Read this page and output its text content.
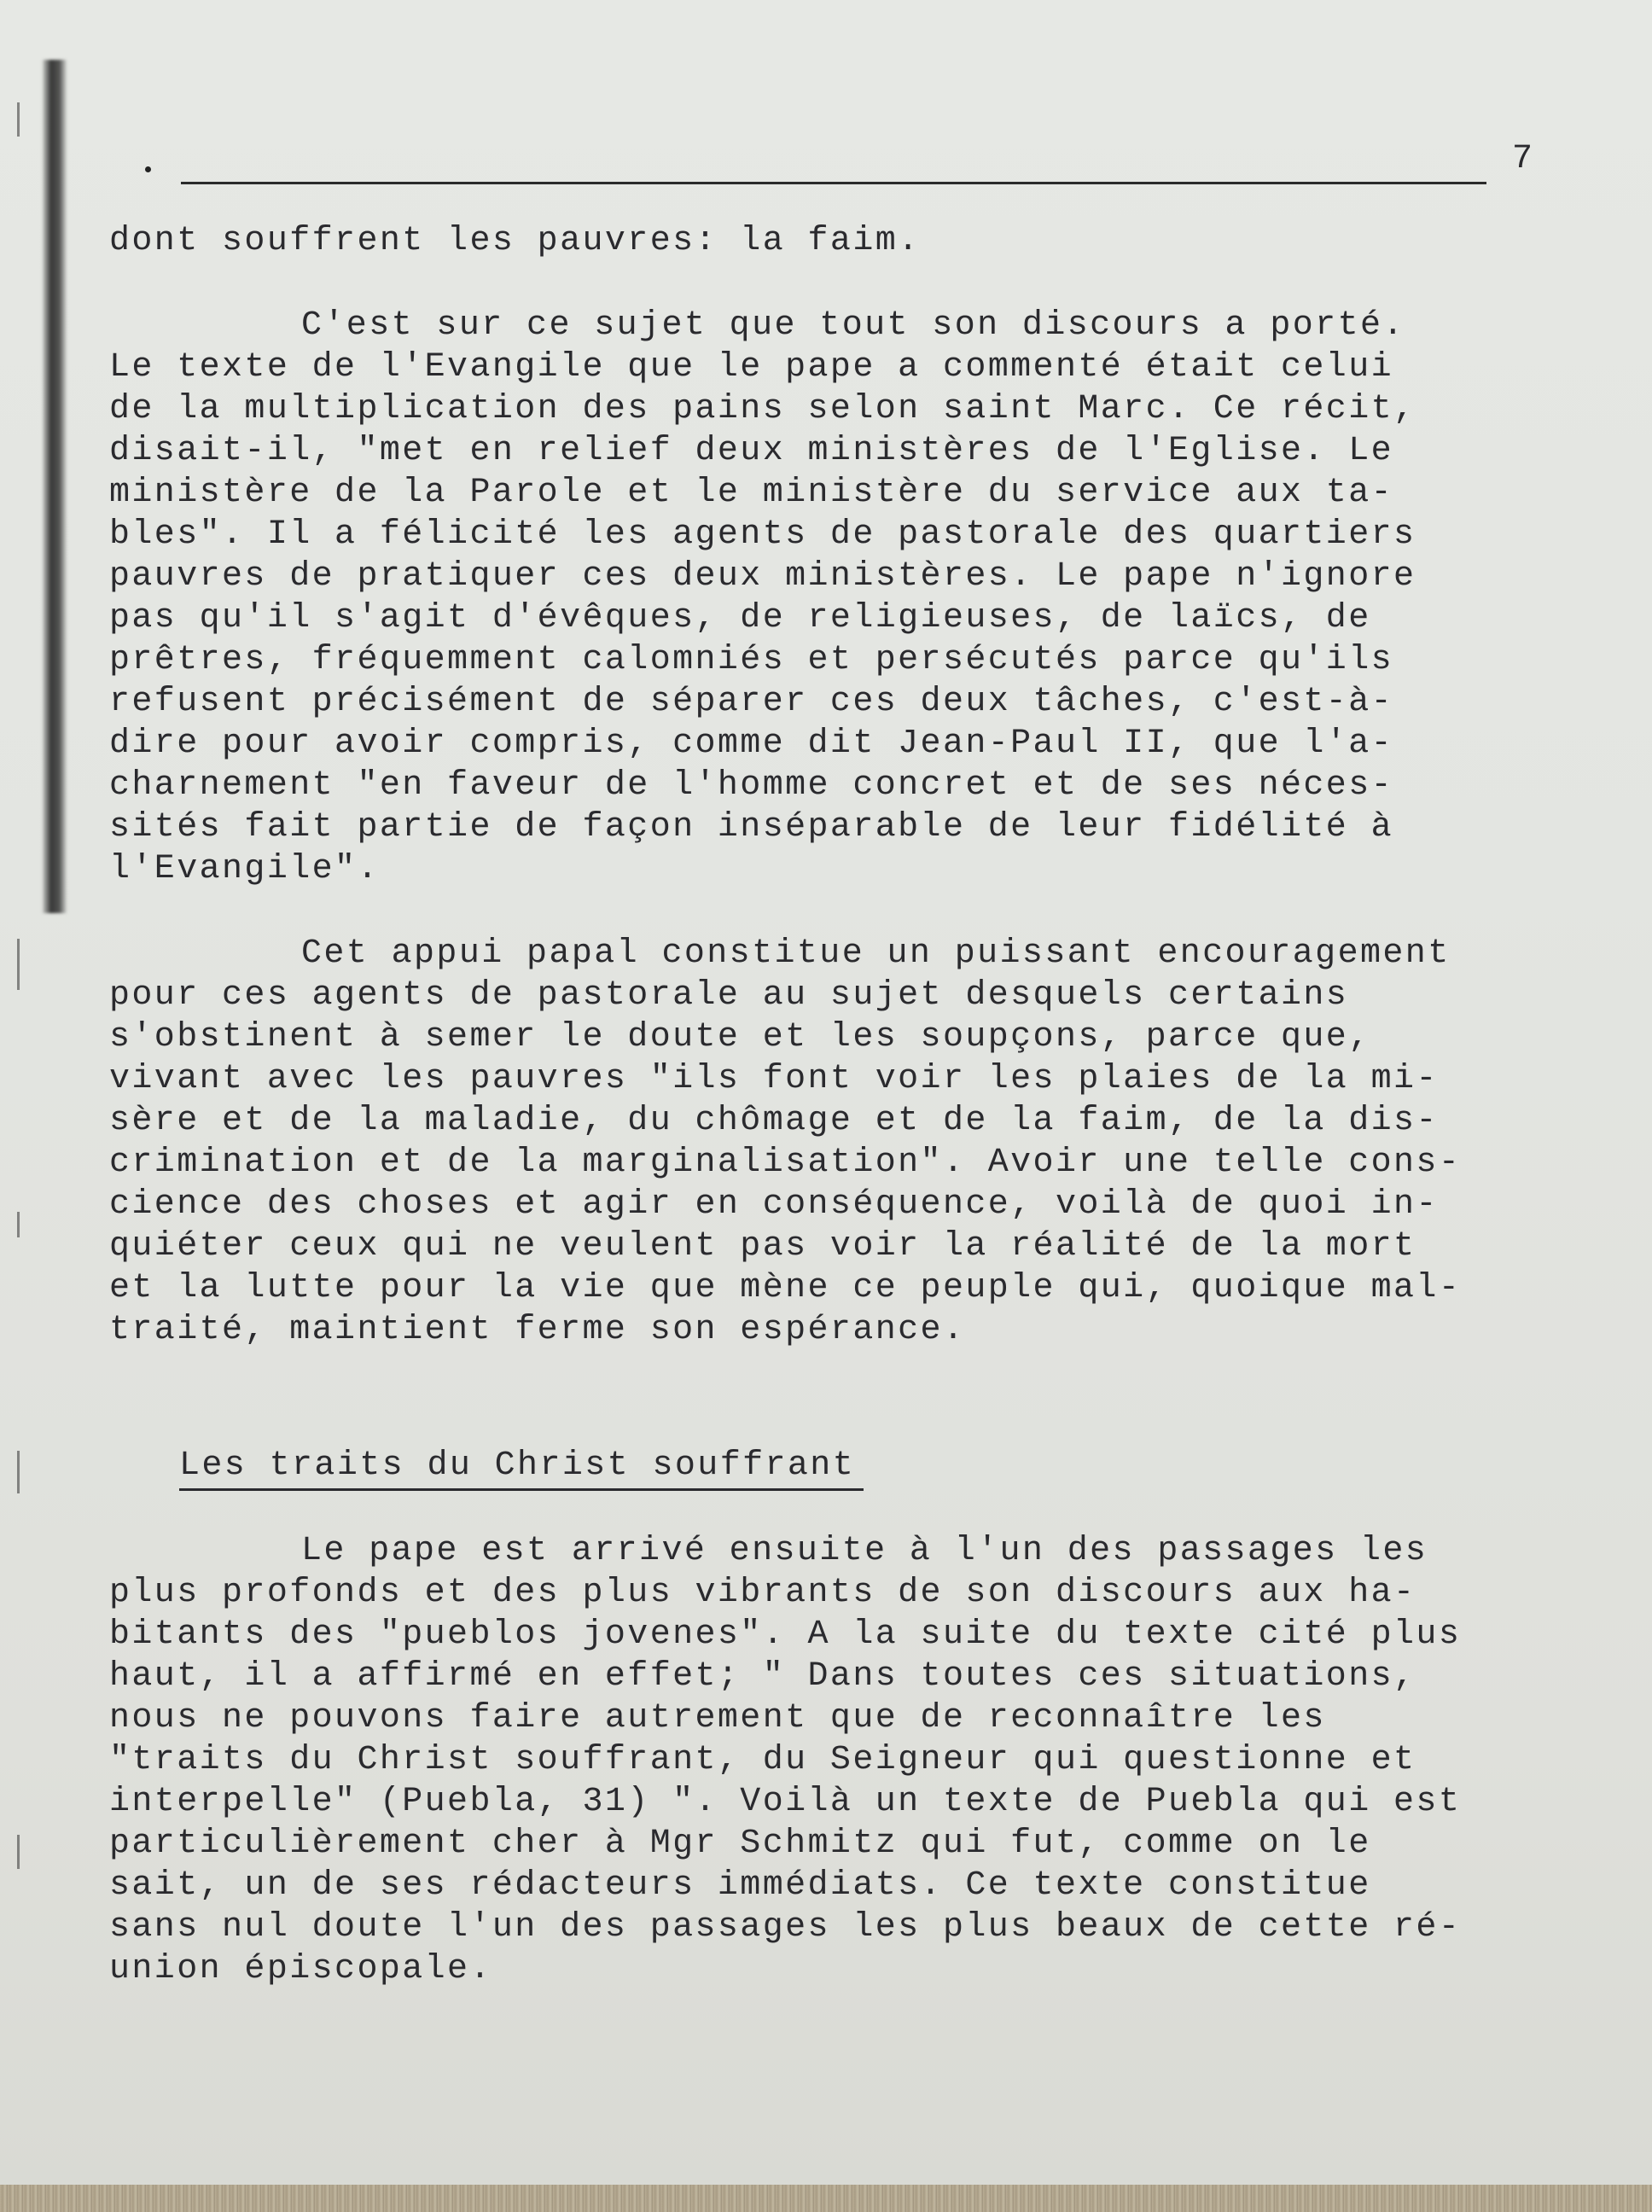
7
dont souffrent les pauvres: la faim.
C'est sur ce sujet que tout son discours a porté.
Le texte de l'Evangile que le pape a commenté était celui
de la multiplication des pains selon saint Marc. Ce récit,
disait-il, "met en relief deux ministères de l'Eglise. Le
ministère de la Parole et le ministère du service aux ta-
bles". Il a félicité les agents de pastorale des quartiers
pauvres de pratiquer ces deux ministères. Le pape n'ignore
pas qu'il s'agit d'évêques, de religieuses, de laïcs, de
prêtres, fréquemment calomniés et persécutés parce qu'ils
refusent précisément de séparer ces deux tâches, c'est-à-
dire pour avoir compris, comme dit Jean-Paul II, que l'a-
charnement "en faveur de l'homme concret et de ses néces-
sités fait partie de façon inséparable de leur fidélité à
l'Evangile".
Cet appui papal constitue un puissant encouragement
pour ces agents de pastorale au sujet desquels certains
s'obstinent à semer le doute et les soupçons, parce que,
vivant avec les pauvres "ils font voir les plaies de la mi-
sère et de la maladie, du chômage et de la faim, de la dis-
crimination et de la marginalisation". Avoir une telle cons-
cience des choses et agir en conséquence, voilà de quoi in-
quiéter ceux qui ne veulent pas voir la réalité de la mort
et la lutte pour la vie que mène ce peuple qui, quoique mal-
traité, maintient ferme son espérance.
Les traits du Christ souffrant
Le pape est arrivé ensuite à l'un des passages les
plus profonds et des plus vibrants de son discours aux ha-
bitants des "pueblos jovenes". A la suite du texte cité plus
haut, il a affirmé en effet; " Dans toutes ces situations,
nous ne pouvons faire autrement que de reconnaître les
"traits du Christ souffrant, du Seigneur qui questionne et
interpelle" (Puebla, 31) ". Voilà un texte de Puebla qui est
particulièrement cher à Mgr Schmitz qui fut, comme on le
sait, un de ses rédacteurs immédiats. Ce texte constitue
sans nul doute l'un des passages les plus beaux de cette ré-
union épiscopale.
